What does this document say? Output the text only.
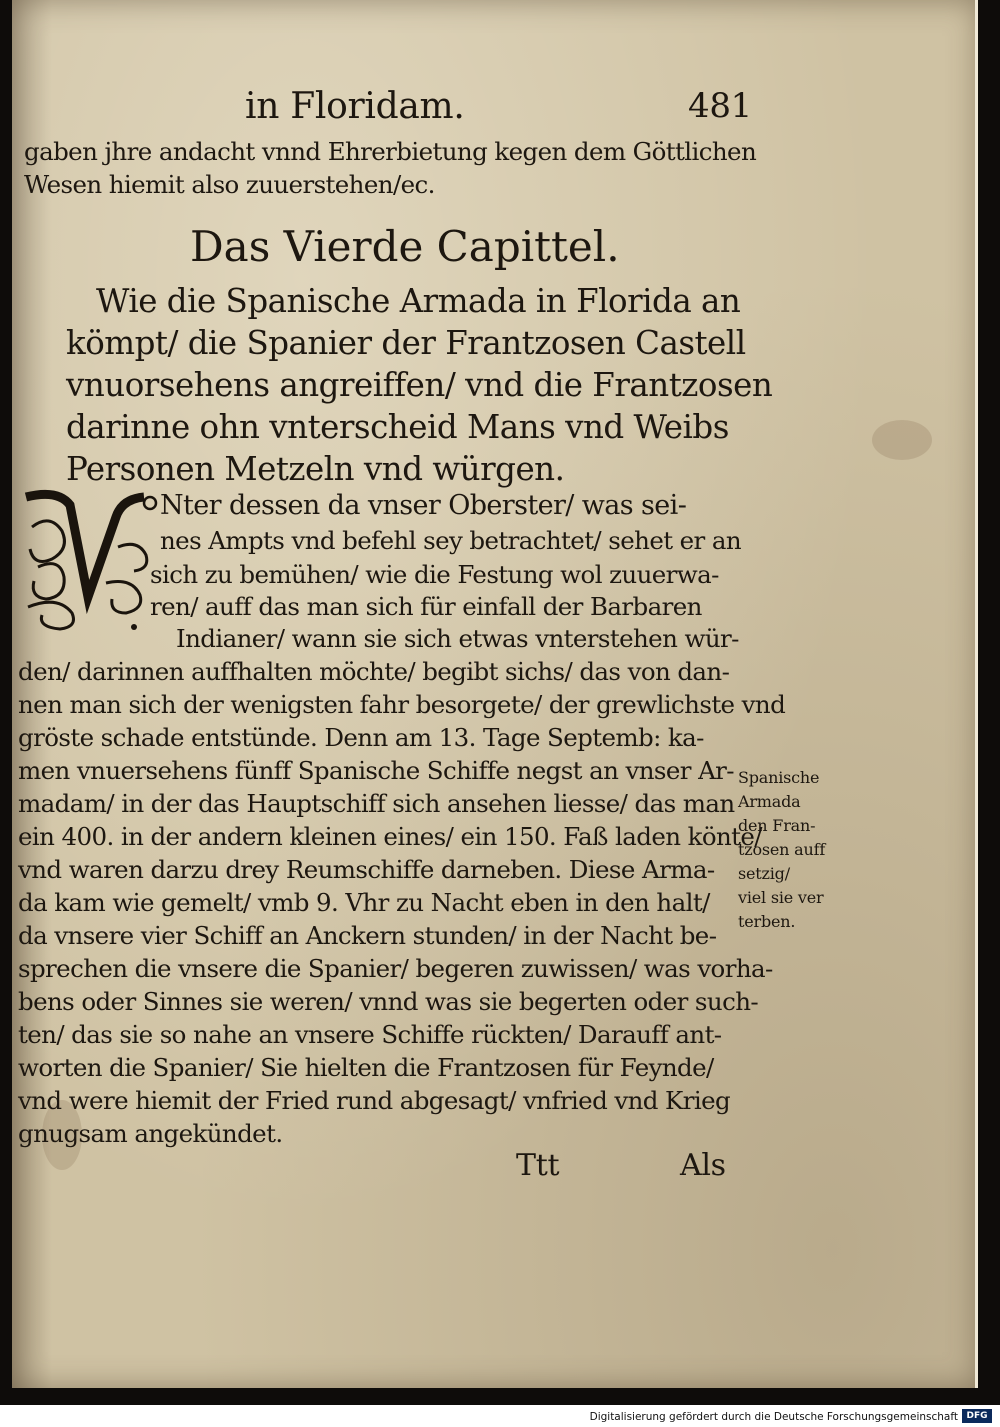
in Floridam.	481
gaben jhre andacht vnnd Ehrerbietung kegen dem Göttlichen
Wesen hiemit also zuuerstehen/ec.
Das Vierde Capittel.
Wie die Spanische Armada in Florida an
kömpt/ die Spanier der Frantzosen Castell
vnuorsehens angreiffen/ vnd die Frantzosen
darinne ohn vnterscheid Mans vnd Weibs
Personen Metzeln vnd würgen.
Nter dessen da vnser Oberster/ was sei-
nes Ampts vnd befehl sey betrachtet/ sehet er an
sich zu bemühen/ wie die Festung wol zuuerwa-
ren/ auff das man sich für einfall der Barbaren
Indianer/ wann sie sich etwas vnterstehen wür-
den/ darinnen auffhalten möchte/ begibt sichs/ das von dan-
nen man sich der wenigsten fahr besorgete/ der grewlichste vnd
gröste schade entstünde. Denn am 13. Tage Septemb: ka-
men vnuersehens fünff Spanische Schiffe negst an vnser Ar-
madam/ in der das Hauptschiff sich ansehen liesse/ das man
ein 400. in der andern kleinen eines/ ein 150. Faß laden könte/
vnd waren darzu drey Reumschiffe darneben. Diese Arma-
da kam wie gemelt/ vmb 9. Vhr zu Nacht eben in den halt/
da vnsere vier Schiff an Anckern stunden/ in der Nacht be-
sprechen die vnsere die Spanier/ begeren zuwissen/ was vorha-
bens oder Sinnes sie weren/ vnnd was sie begerten oder such-
ten/ das sie so nahe an vnsere Schiffe rückten/ Darauff ant-
worten die Spanier/ Sie hielten die Frantzosen für Feynde/
vnd were hiemit der Fried rund abgesagt/ vnfried vnd Krieg
gnugsam angekündet.
Spanische
Armada
den Fran-
tzosen auff
setzig/
viel sie ver
terben.
Ttt	Als
Digitalisierung gefördert durch die Deutsche Forschungsgemeinschaft DFG
